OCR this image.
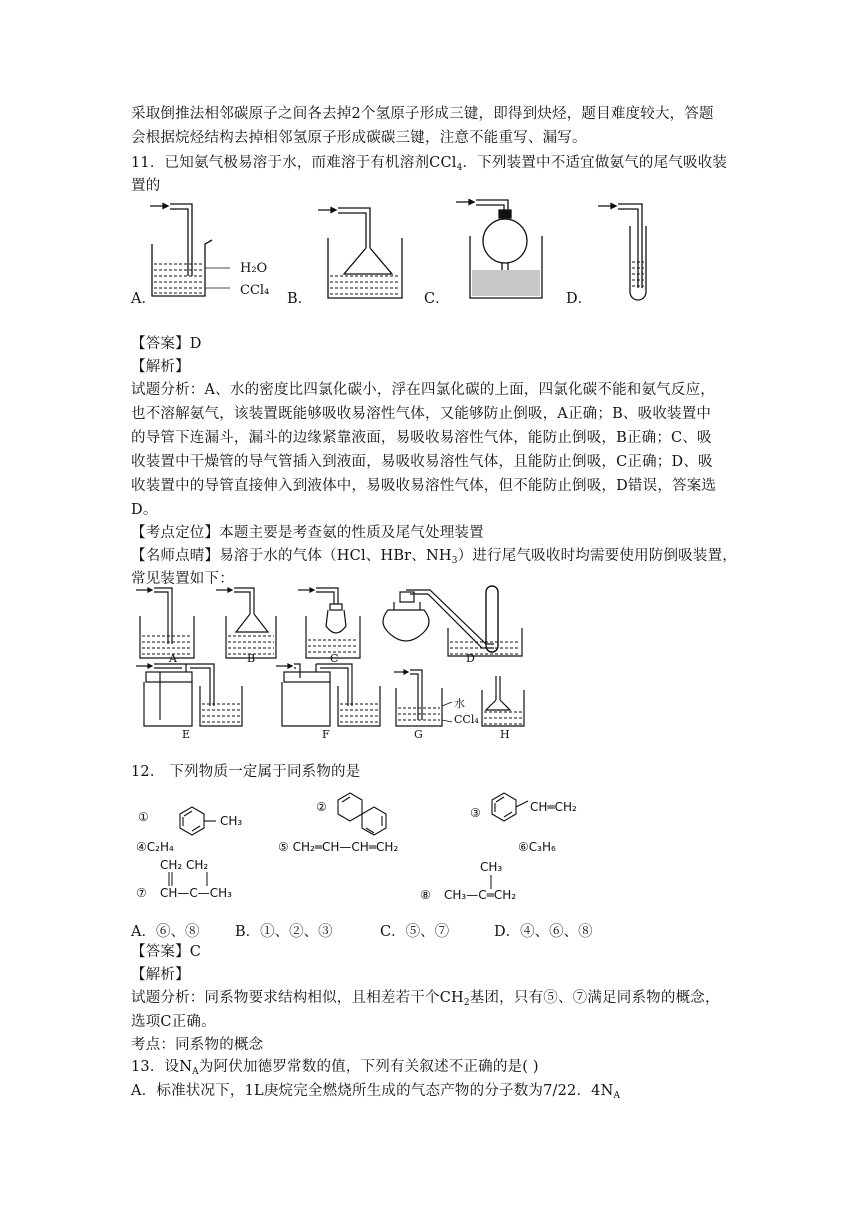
采取倒推法相邻碳原子之间各去掉2个氢原子形成三键，即得到炔烃，题目难度较大，答题
会根据烷烃结构去掉相邻氢原子形成碳碳三键，注意不能重写、漏写。
11．已知氨气极易溶于水，而难溶于有机溶剂CCl$_4$．下列装置中不适宜做氨气的尾气吸收装
置的
H₂O
CCl₄
A．	B．	C．	D．
【答案】D
【解析】
试题分析：A、水的密度比四氯化碳小，浮在四氯化碳的上面，四氯化碳不能和氨气反应，
也不溶解氨气，该装置既能够吸收易溶性气体，又能够防止倒吸，A正确；B、吸收装置中
的导管下连漏斗，漏斗的边缘紧靠液面，易吸收易溶性气体，能防止倒吸，B正确；C、吸
收装置中干燥管的导气管插入到液面，易吸收易溶性气体，且能防止倒吸，C正确；D、吸
收装置中的导管直接伸入到液体中，易吸收易溶性气体，但不能防止倒吸，D错误，答案选
D。
【考点定位】本题主要是考查氨的性质及尾气处理装置
【名师点晴】易溶于水的气体（HCl、HBr、$NH_3$）进行尾气吸收时均需要使用防倒吸装置，
常见装置如下：
A	B	C	D
E	F	G	H
水
CCl₄
12． 下列物质一定属于同系物的是
①	CH₃
②	③	CH═CH₂
④C₂H₄	⑤ CH₂═CH—CH═CH₂	⑥C₃H₆
CH₂ CH₂
⑦ CH—C—CH₃
CH₃
⑧ CH₃—C═CH₂
A．⑥、⑧ B．①、②、③	C．⑤、⑦	D．④、⑥、⑧
【答案】C
【解析】
试题分析：同系物要求结构相似，且相差若干个$CH_2$基团，只有⑤、⑦满足同系物的概念，
选项C正确。
考点：同系物的概念
13．设$N_A$为阿伏加德罗常数的值，下列有关叙述不正确的是( )
A．标准状况下，1L庚烷完全燃烧所生成的气态产物的分子数为7/22．$4N_A$
